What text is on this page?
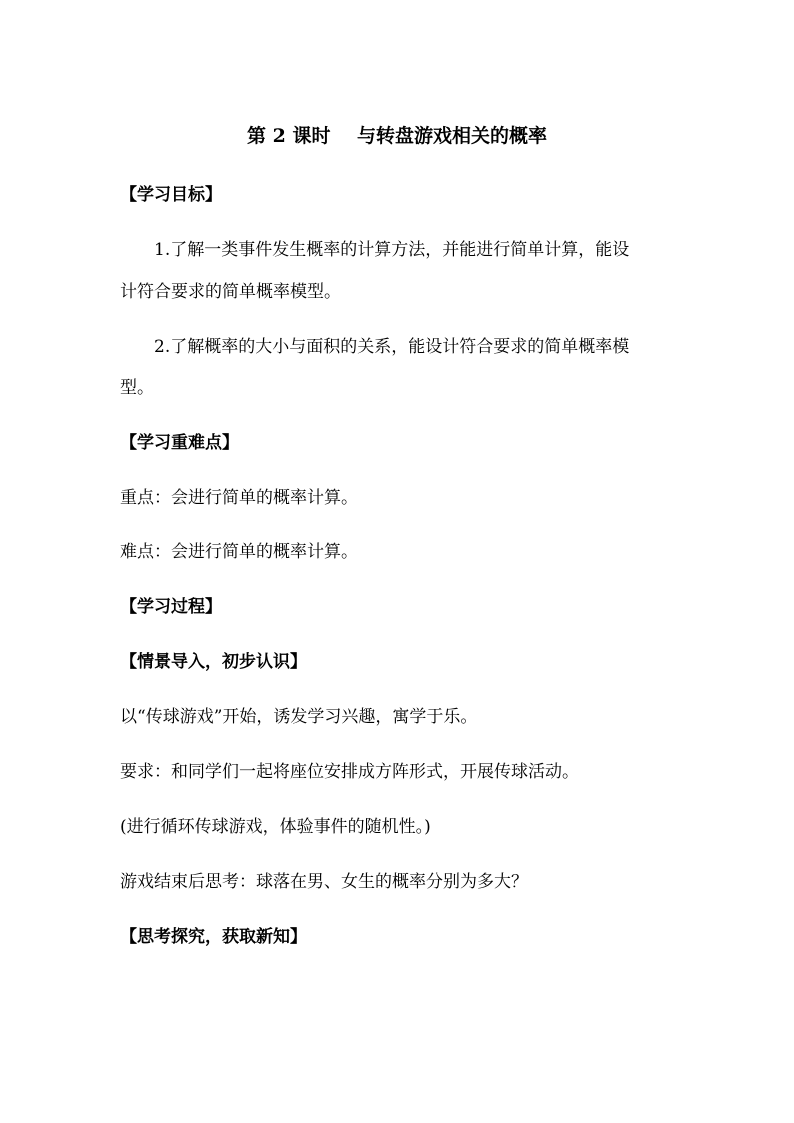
第 2 课时    与转盘游戏相关的概率
【学习目标】
1.了解一类事件发生概率的计算方法，并能进行简单计算，能设
计符合要求的简单概率模型。
2.了解概率的大小与面积的关系，能设计符合要求的简单概率模
型。
【学习重难点】
重点：会进行简单的概率计算。
难点：会进行简单的概率计算。
【学习过程】
【情景导入，初步认识】
以“传球游戏”开始，诱发学习兴趣，寓学于乐。
要求：和同学们一起将座位安排成方阵形式，开展传球活动。
(进行循环传球游戏，体验事件的随机性。)
游戏结束后思考：球落在男、女生的概率分别为多大？
【思考探究，获取新知】
